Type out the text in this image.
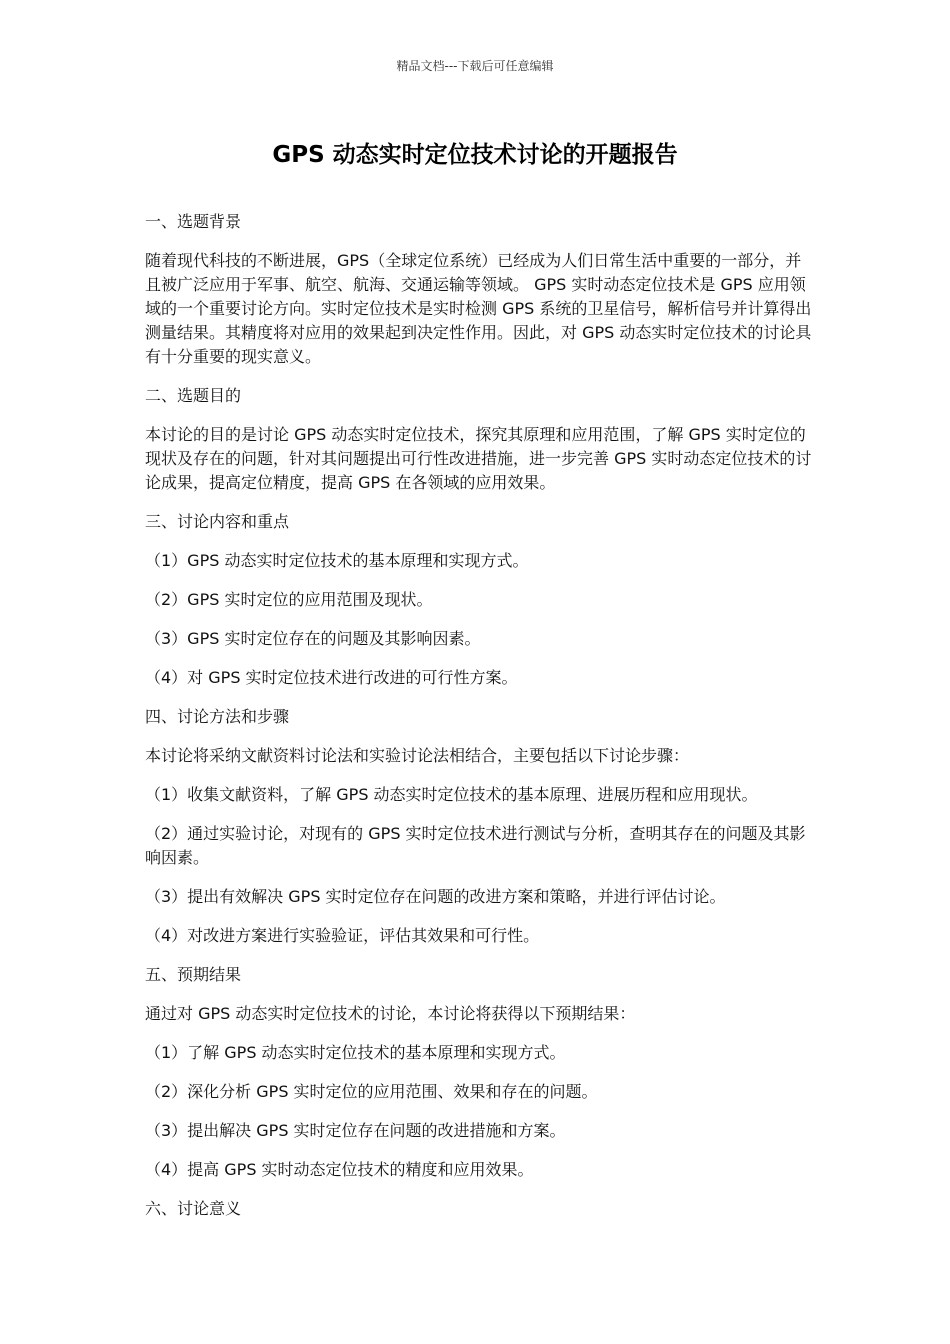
精品文档---下载后可任意编辑
GPS 动态实时定位技术讨论的开题报告
一、选题背景
随着现代科技的不断进展，GPS（全球定位系统）已经成为人们日常生活中重要的一部分，并且被广泛应用于军事、航空、航海、交通运输等领域。 GPS 实时动态定位技术是 GPS 应用领域的一个重要讨论方向。实时定位技术是实时检测 GPS 系统的卫星信号，解析信号并计算得出测量结果。其精度将对应用的效果起到决定性作用。因此，对 GPS 动态实时定位技术的讨论具有十分重要的现实意义。
二、选题目的
本讨论的目的是讨论 GPS 动态实时定位技术，探究其原理和应用范围，了解 GPS 实时定位的现状及存在的问题，针对其问题提出可行性改进措施，进一步完善 GPS 实时动态定位技术的讨论成果，提高定位精度，提高 GPS 在各领域的应用效果。
三、讨论内容和重点
（1）GPS 动态实时定位技术的基本原理和实现方式。
（2）GPS 实时定位的应用范围及现状。
（3）GPS 实时定位存在的问题及其影响因素。
（4）对 GPS 实时定位技术进行改进的可行性方案。
四、讨论方法和步骤
本讨论将采纳文献资料讨论法和实验讨论法相结合，主要包括以下讨论步骤：
（1）收集文献资料，了解 GPS 动态实时定位技术的基本原理、进展历程和应用现状。
（2）通过实验讨论，对现有的 GPS 实时定位技术进行测试与分析，查明其存在的问题及其影响因素。
（3）提出有效解决 GPS 实时定位存在问题的改进方案和策略，并进行评估讨论。
（4）对改进方案进行实验验证，评估其效果和可行性。
五、预期结果
通过对 GPS 动态实时定位技术的讨论，本讨论将获得以下预期结果：
（1）了解 GPS 动态实时定位技术的基本原理和实现方式。
（2）深化分析 GPS 实时定位的应用范围、效果和存在的问题。
（3）提出解决 GPS 实时定位存在问题的改进措施和方案。
（4）提高 GPS 实时动态定位技术的精度和应用效果。
六、讨论意义
